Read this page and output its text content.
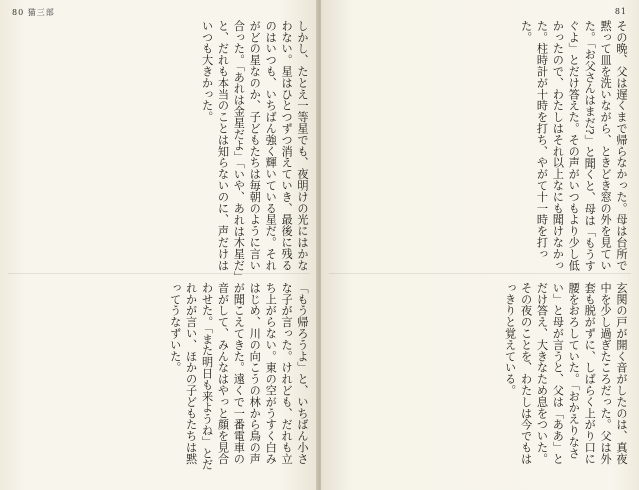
80 猫三部
しかし、たとえ一等星でも、夜明けの光にはかなわない。星はひとつずつ消えていき、最後に残るのはいつも、いちばん強く輝いている星だ。それがどの星なのか、子どもたちは毎朝のように言い合った。「あれは金星だよ」「いや、あれは木星だ」と、だれも本当のことは知らないのに、声だけはいつも大きかった。
「もう帰ろうよ」と、いちばん小さな子が言った。けれども、だれも立ち上がらない。東の空がうすく白みはじめ、川の向こうの林から鳥の声が聞こえてきた。遠くで一番電車の音がして、みんなはやっと顔を見合わせた。「また明日も来ようね」とだれかが言い、ほかの子どもたちは黙ってうなずいた。
81
その晩、父は遅くまで帰らなかった。母は台所で黙って皿を洗いながら、ときどき窓の外を見ていた。「お父さんはまだ?」と聞くと、母は「もうすぐよ」とだけ答えた。その声がいつもより少し低かったので、わたしはそれ以上なにも聞けなかった。柱時計が十時を打ち、やがて十一時を打った。
玄関の戸が開く音がしたのは、真夜中を少し過ぎたころだった。父は外套も脱がずに、しばらく上がり口に腰をおろしていた。「おかえりなさい」と母が言うと、父は「ああ」とだけ答え、大きなため息をついた。その夜のことを、わたしは今でもはっきりと覚えている。
